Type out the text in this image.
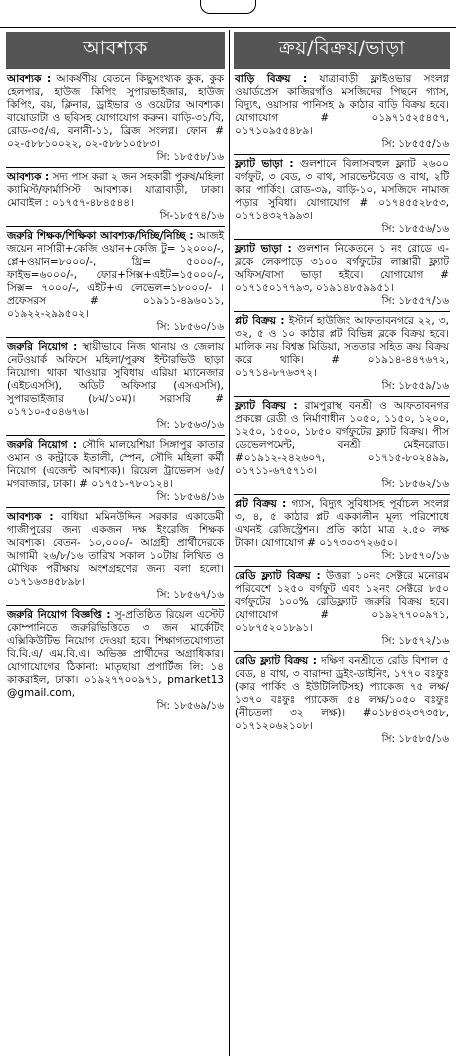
আবশ্যক

আবশ্যক : আকর্ষণীয় বেতনে কিছুসংখ্যক কুক, কুক হেলপার, হাউজ কিপিং সুপারভাইজার, হাউজ কিপিং, বয়, ক্লিনার, ড্রাইভার ও ওয়েটার আবশ্যক। বায়োডাটা ও ছবিসহ যোগাযোগ করুন। বাড়ি-৩১/বি, রোড-৩৫/এ, বনানী-১১, ব্রিজ সংলগ্ন। ফোন # ০২-৫৮৮১০০২২, ০২-৫৮৮১০৫৮৩।
সি: ১৮৫৫৮/১৬

আবশ্যক : সদ্য পাস করা ২ জন সহকারী পুরুষ/মহিলা ক্যামিস্ট/ফার্মাসিস্ট আবশ্যক। যাত্রাবাড়ী, ঢাকা। মোবাইল : ০১৭৫৭-৪৮৪৫৪৪।
সি-১৮৫৭৪/১৬

জরুরি শিক্ষক/শিক্ষিকা আবশ্যক/দিচ্ছি/নিচ্ছি : আজই জয়েন নার্সারী+কেজি ওয়ান+কেজি টু= ১২০০০/-, প্লে+ওয়ান=৮০০০/-, থ্রি= ৫০০০/-, ফাইভ=৬০০০/-, ফোর+সিক্স+এইট=১৫০০০/-, সিক্স= ৭০০০/-, এইট+এ লেভেল=১৮০০০/- । প্রফেসরস # ০১৯১১-৪৯৬০১১, ০১৯২২-২৯৯৫০২।
সি: ১৮৫৬০/১৬

জরুরি নিয়োগ : স্থায়ীভাবে নিজ থানায় ও জেলায় নেটওয়ার্ক অফিসে মহিলা/পুরুষ ইন্টারভিউ ছাড়া নিয়োগ। থাকা খাওয়ার সুবিধায় এরিয়া ম্যানেজার (এইচএসসি), অডিট অফিসার (এসএসসি), সুপারভাইজার (৮ম/১০ম)। সরাসরি # ০১৭১০-৫০৪৬৭৬।
সি: ১৮৫৬৩/১৬

জরুরি নিয়োগ : সৌদি মালয়েশিয়া সিঙ্গাপুর কাতার ওমান ও কন্ট্রাকে ইতালী, স্পেন, সৌদি মহিলা কর্মী নিয়োগ (এজেন্ট আবশ্যক)। রিয়েল ট্রাভেলস ৬৫/মগবাজার, ঢাকা। # ০১৭৫১-৭৮০১২৪।
সি: ১৮৫৬৪/১৬

আবশ্যক : বাধিয়া মমিনউদ্দিন সরকার একাডেমী গাজীপুরের জন্য একজন দক্ষ ইংরেজি শিক্ষক আবশ্যক। বেতন- ১০,০০০/- আগ্রহী প্রার্থীদেরকে আগামী ২৬/৮/১৬ তারিখ সকাল ১০টায় লিখিত ও মৌখিক পরীক্ষায় অংশগ্রহণের জন্য বলা হলো। ০১৭১৬৩৪৫৮৯৮।
সি: ১৮৫৬৭/১৬

জরুরি নিয়োগ বিজ্ঞপ্তি : সু-প্রতিষ্ঠিত রিয়েল এস্টেট কোম্পানিতে জরুরিভিত্তিতে ৩ জন মার্কেটিং এক্সিকিউটিভ নিয়োগ দেওয়া হবে। শিক্ষাগতযোগ্যতা বি.বি.এ/ এম.বি.এ। অভিজ্ঞ প্রার্থীদের অগ্রাধিকার। যোগাযোগের ঠিকানা: মাতৃছায়া প্রপার্টিজ লি: ১৪ কাকরাইল, ঢাকা। ০১৯২৭৭০০৯৭১, pmarket13 @gmail.com,
সি: ১৮৫৬৯/১৬

ক্রয়/বিক্রয়/ভাড়া

বাড়ি বিক্রয় : যাত্রাবাড়ী ফ্লাইওভার সংলগ্ন ওয়ার্ডপ্রেস কাজিরগাঁও মসজিদের পিছনে গ্যাস, বিদ্যুৎ, ওয়াসার পানিসহ ৯ কাঠার বাড়ি বিক্রয় হবে। যোগাযোগ # ০১৯৭১৫২৫৪৫৭, ০১৭১০৯৫৫৪৮৯।
সি: ১৮৫৫৫/১৬

ফ্ল্যাট ভাড়া : গুলশানে বিলাসবহুল ফ্ল্যাট ২৬০০ বর্গফুট, ৩ বেড, ৩ বাথ, সারভেন্টবেড ও বাথ, ২টি কার পার্কিং। রোড-৩৯, বাড়ি-১০, মসজিদে নামাজ পড়ার সুবিধা। যোগাযোগ # ০১৭৪৫৫২৮৫৩, ০১৭১৪৩২৭৯৯৩।
সি: ১৮৫৫৬/১৬

ফ্ল্যাট ভাড়া : গুলশান নিকেতনে ১ নং রোডে এ-ব্লকে লেকপাড়ে ৩১০০ বর্গফুটের লাক্সারী ফ্ল্যাট অফিস/বাসা ভাড়া হইবে। যোগাযোগ # ০১৭১৫০১৭৭৯৩, ০১৯১৪৮৫৯৯৫১।
সি: ১৮৫৫৭/১৬

প্লট বিক্রয় : ইস্টার্ন হাউজিং আফতাবনগরে ২২, ৩, ৩২, ৫ ও ১০ কাঠার প্লট বিভিন্ন ব্লকে বিক্রয় হবে। মালিক নয় বিশ্বস্ত মিডিয়া, সততার সহিত ক্রয় বিক্রয় করে থাকি। # ০১৯১৪-৪৪৭৬৭২, ০১৭১৪-৮৭৬৩৭২।
সি: ১৮৫৫৯/১৬

ফ্ল্যাট বিক্রয় : রামপুরাস্থ বনশ্রী ও আফতাবনগর প্রকল্পে রেডী ও নির্মাণাধীন ১০৫০, ১১৫০, ১২০০, ১২৫০, ১৫০০, ১৮৫০ বর্গফুটের ফ্ল্যাট বিক্রয়। পীস ডেভেলপমেন্ট, বনশ্রী মেইনরোড। #০১৯১২-২৪২৬০৭, ০১৭১৫-৮০২৪৯৯, ০১৭১১-৬৭৫৭১৩।
সি: ১৮৫৬২/১৬

প্লট বিক্রয় : গ্যাস, বিদ্যুৎ সুবিধাসহ পূর্বাচল সংলগ্ন ৩, ৪, ৫ কাঠার প্লট এককালীন মূল্য পরিশোধে এখনই রেজিস্ট্রেশন। প্রতি কাঠা মাত্র ২.৫০ লক্ষ টাকা। যোগাযোগ # ০১৭৩০৩৭২৬৫০।
সি: ১৮৫৭০/১৬

রেডি ফ্ল্যাট বিক্রয় : উত্তরা ১০নং সেক্টরে মনোরম পরিবেশে ১২৫০ বর্গফুট এবং ১২নং সেক্টরে ৮৫০ বর্গফুটের ১০০% রেডিফ্ল্যাট জরুরি বিক্রয় হবে। যোগাযোগ # ০১৯২৭৭০০৯৭১, ০১৮৭৫২০১৮৯১।
সি: ১৮৫৭২/১৬

রেডি ফ্ল্যাট বিক্রয় : দক্ষিণ বনশ্রীতে রেডি বিশাল ৫ বেড, ৪ বাথ, ৩ বারান্দা ড্রইং-ডাইনিং, ১৭৭০ বঃফুঃ (কার পার্কিং ও ইউটিলিটিসহ) প্যাকেজ ৭৫ লক্ষ/১৩৭০ বঃফুঃ প্যাকেজ ৫৪ লক্ষ/১০৫০ বঃফুঃ (নীচতলা ৩২ লক্ষ)। #০১৮৪৩২৩৭৩৫৮, ০১৭১২০৬২১০৮।
সি: ১৮৫৮৫/১৬
